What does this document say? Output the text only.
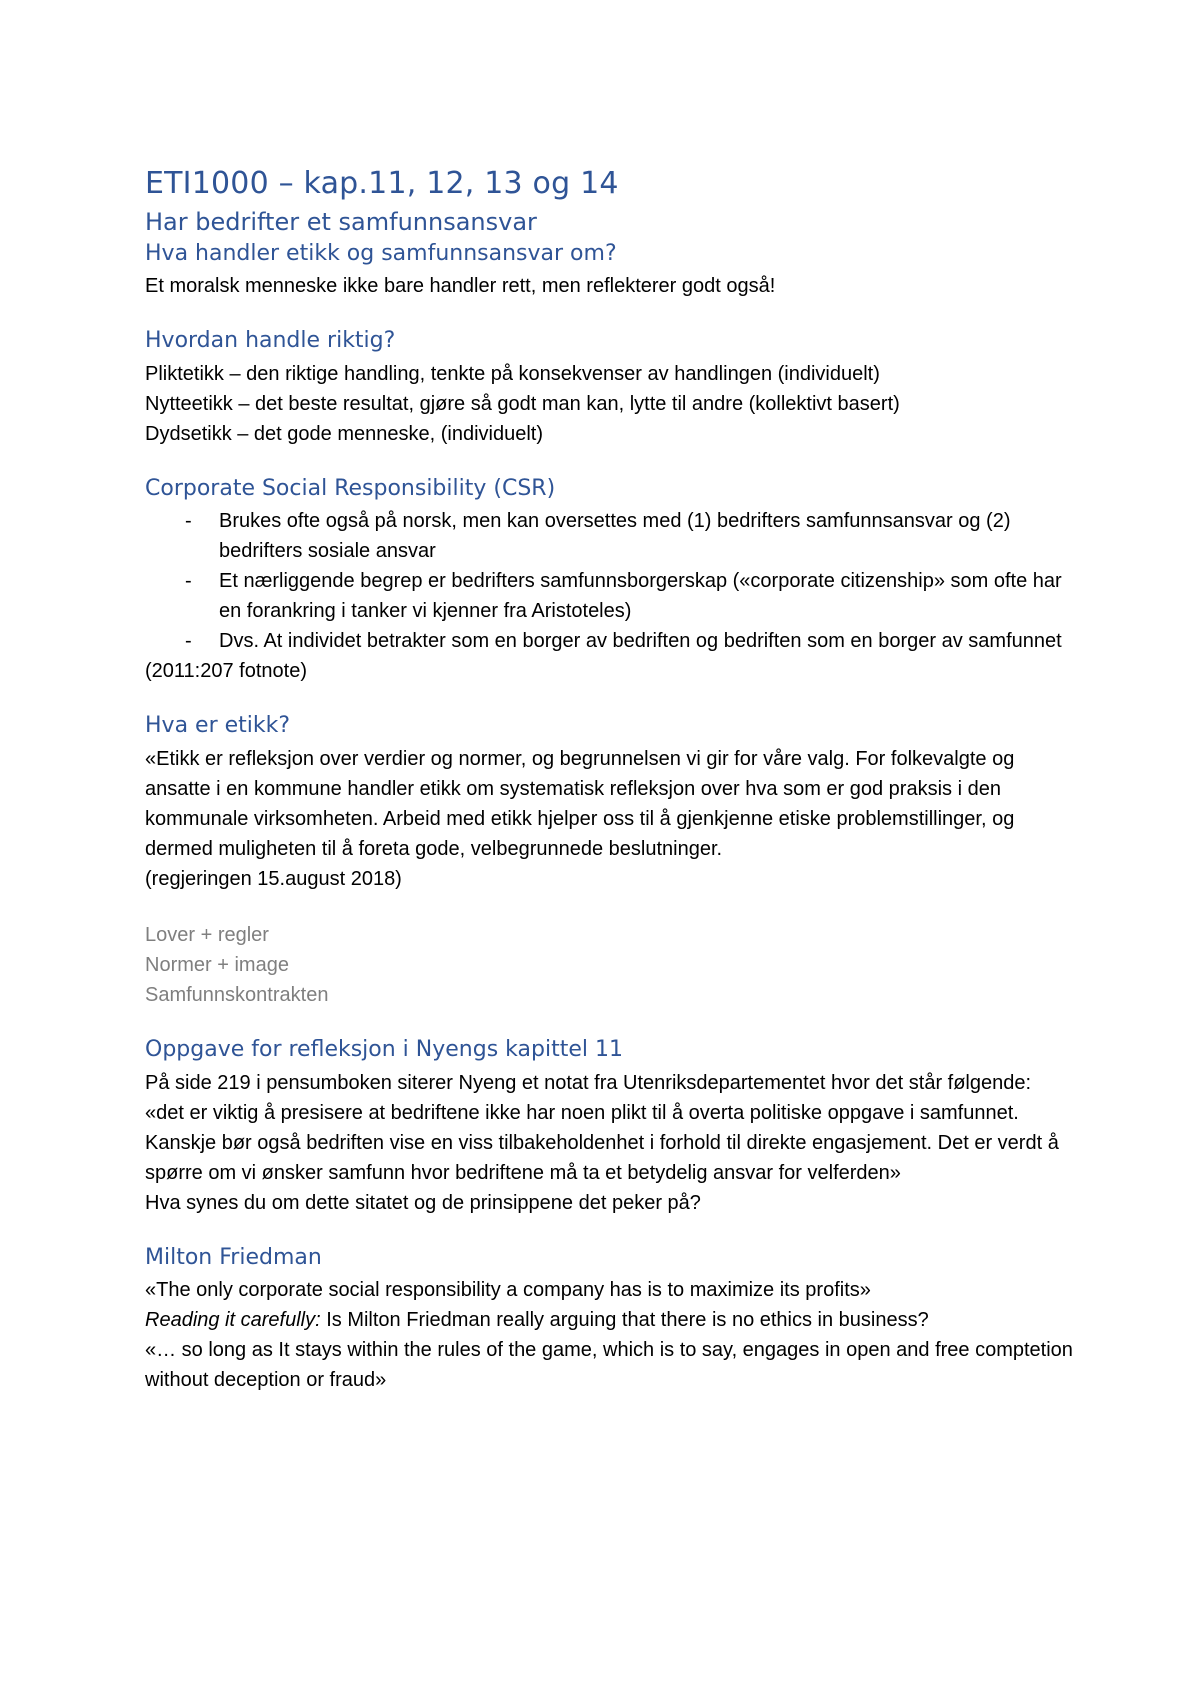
ETI1000 – kap.11, 12, 13 og 14
Har bedrifter et samfunnsansvar
Hva handler etikk og samfunnsansvar om?

Et moralsk menneske ikke bare handler rett, men reflekterer godt også!

Hvordan handle riktig?
Pliktetikk – den riktige handling, tenkte på konsekvenser av handlingen (individuelt)
Nytteetikk – det beste resultat, gjøre så godt man kan, lytte til andre (kollektivt basert)
Dydsetikk – det gode menneske, (individuelt)
Corporate Social Responsibility (CSR)
- Brukes ofte også på norsk, men kan oversettes med (1) bedrifters samfunnsansvar og (2) bedrifters sosiale ansvar
- Et nærliggende begrep er bedrifters samfunnsborgerskap («corporate citizenship» som ofte har en forankring i tanker vi kjenner fra Aristoteles)
- Dvs. At individet betrakter som en borger av bedriften og bedriften som en borger av samfunnet
(2011:207 fotnote)
Hva er etikk?

«Etikk er refleksjon over verdier og normer, og begrunnelsen vi gir for våre valg. For folkevalgte og ansatte i en kommune handler etikk om systematisk refleksjon over hva som er god praksis i den kommunale virksomheten. Arbeid med etikk hjelper oss til å gjenkjenne etiske problemstillinger, og dermed muligheten til å foreta gode, velbegrunnede beslutninger.

(regjeringen 15.august 2018)
Lover + regler
Normer + image
Samfunnskontrakten
Oppgave for refleksjon i Nyengs kapittel 11

På side 219 i pensumboken siterer Nyeng et notat fra Utenriksdepartementet hvor det står følgende: «det er viktig å presisere at bedriftene ikke har noen plikt til å overta politiske oppgave i samfunnet. Kanskje bør også bedriften vise en viss tilbakeholdenhet i forhold til direkte engasjement. Det er verdt å spørre om vi ønsker samfunn hvor bedriftene må ta et betydelig ansvar for velferden»

Hva synes du om dette sitatet og de prinsippene det peker på?
Milton Friedman
«The only corporate social responsibility a company has is to maximize its profits»
Reading it carefully: Is Milton Friedman really arguing that there is no ethics in business?

«… so long as It stays within the rules of the game, which is to say, engages in open and free comptetion without deception or fraud»
